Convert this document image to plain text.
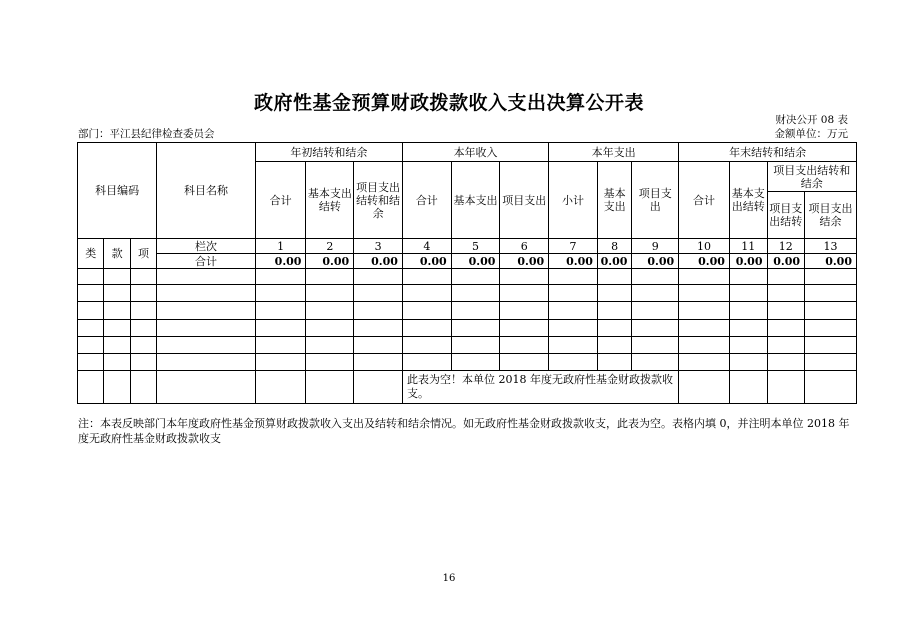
政府性基金预算财政拨款收入支出决算公开表
财决公开 08 表
部门：平江县纪律检查委员会	金额单位：万元
科目编码			科目名称	年初结转和结余			本年收入			本年支出			年末结转和结余			
				合计	基本支出结转	项目支出结转和结余	合计	基本支出	项目支出	小计	基本支出	项目支出	合计	基本支出结转	项目支出结转和结余	
															项目支出结转	项目支出结余
类	款	项	栏次	1	2	3	4	5	6	7	8	9	10	11	12	13
			合计	0.00	0.00	0.00	0.00	0.00	0.00	0.00	0.00	0.00	0.00	0.00	0.00	0.00

							此表为空！本单位 2018 年度无政府性基金财政拨款收支。									
注：本表反映部门本年度政府性基金预算财政拨款收入支出及结转和结余情况。如无政府性基金财政拨款收支，此表为空。表格内填 0，并注明本单位 2018 年度无政府性基金财政拨款收支
16
